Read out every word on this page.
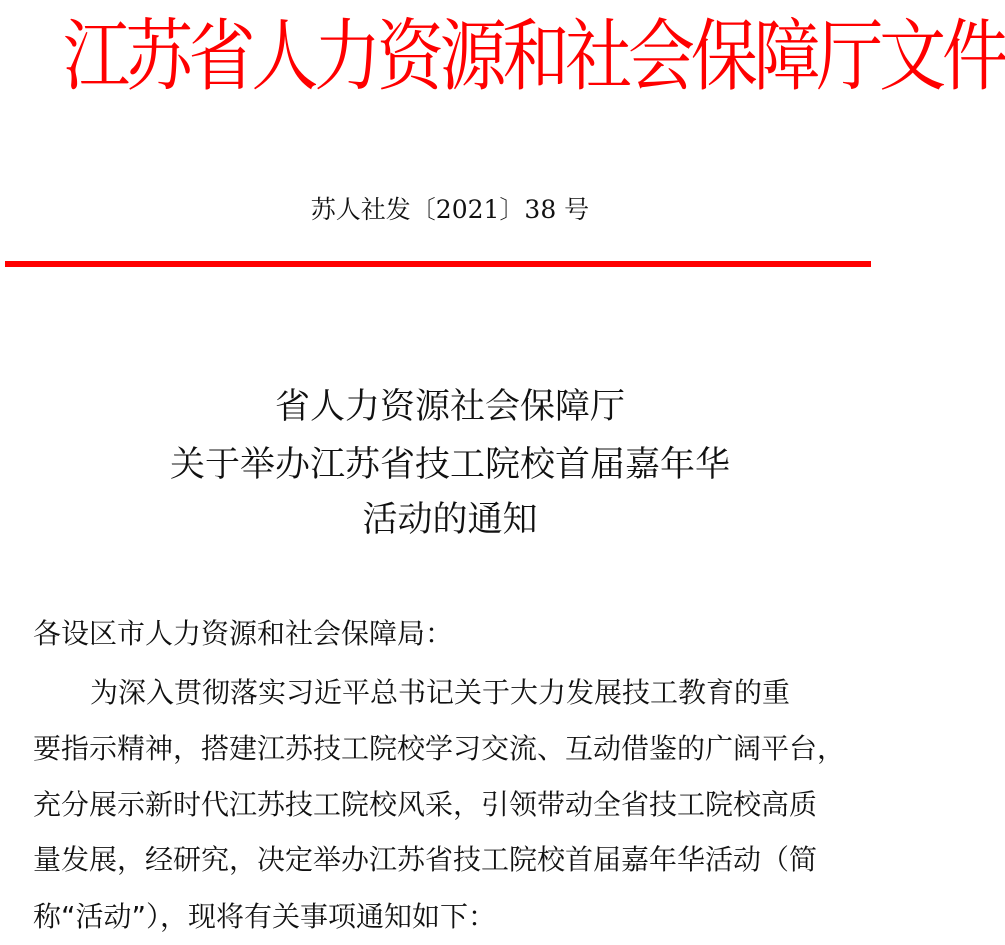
江苏省人力资源和社会保障厅文件
苏人社发〔2021〕38 号
省人力资源社会保障厅
关于举办江苏省技工院校首届嘉年华
活动的通知
各设区市人力资源和社会保障局：
为深入贯彻落实习近平总书记关于大力发展技工教育的重
要指示精神，搭建江苏技工院校学习交流、互动借鉴的广阔平台，
充分展示新时代江苏技工院校风采，引领带动全省技工院校高质
量发展，经研究，决定举办江苏省技工院校首届嘉年华活动（简
称“活动”），现将有关事项通知如下：
